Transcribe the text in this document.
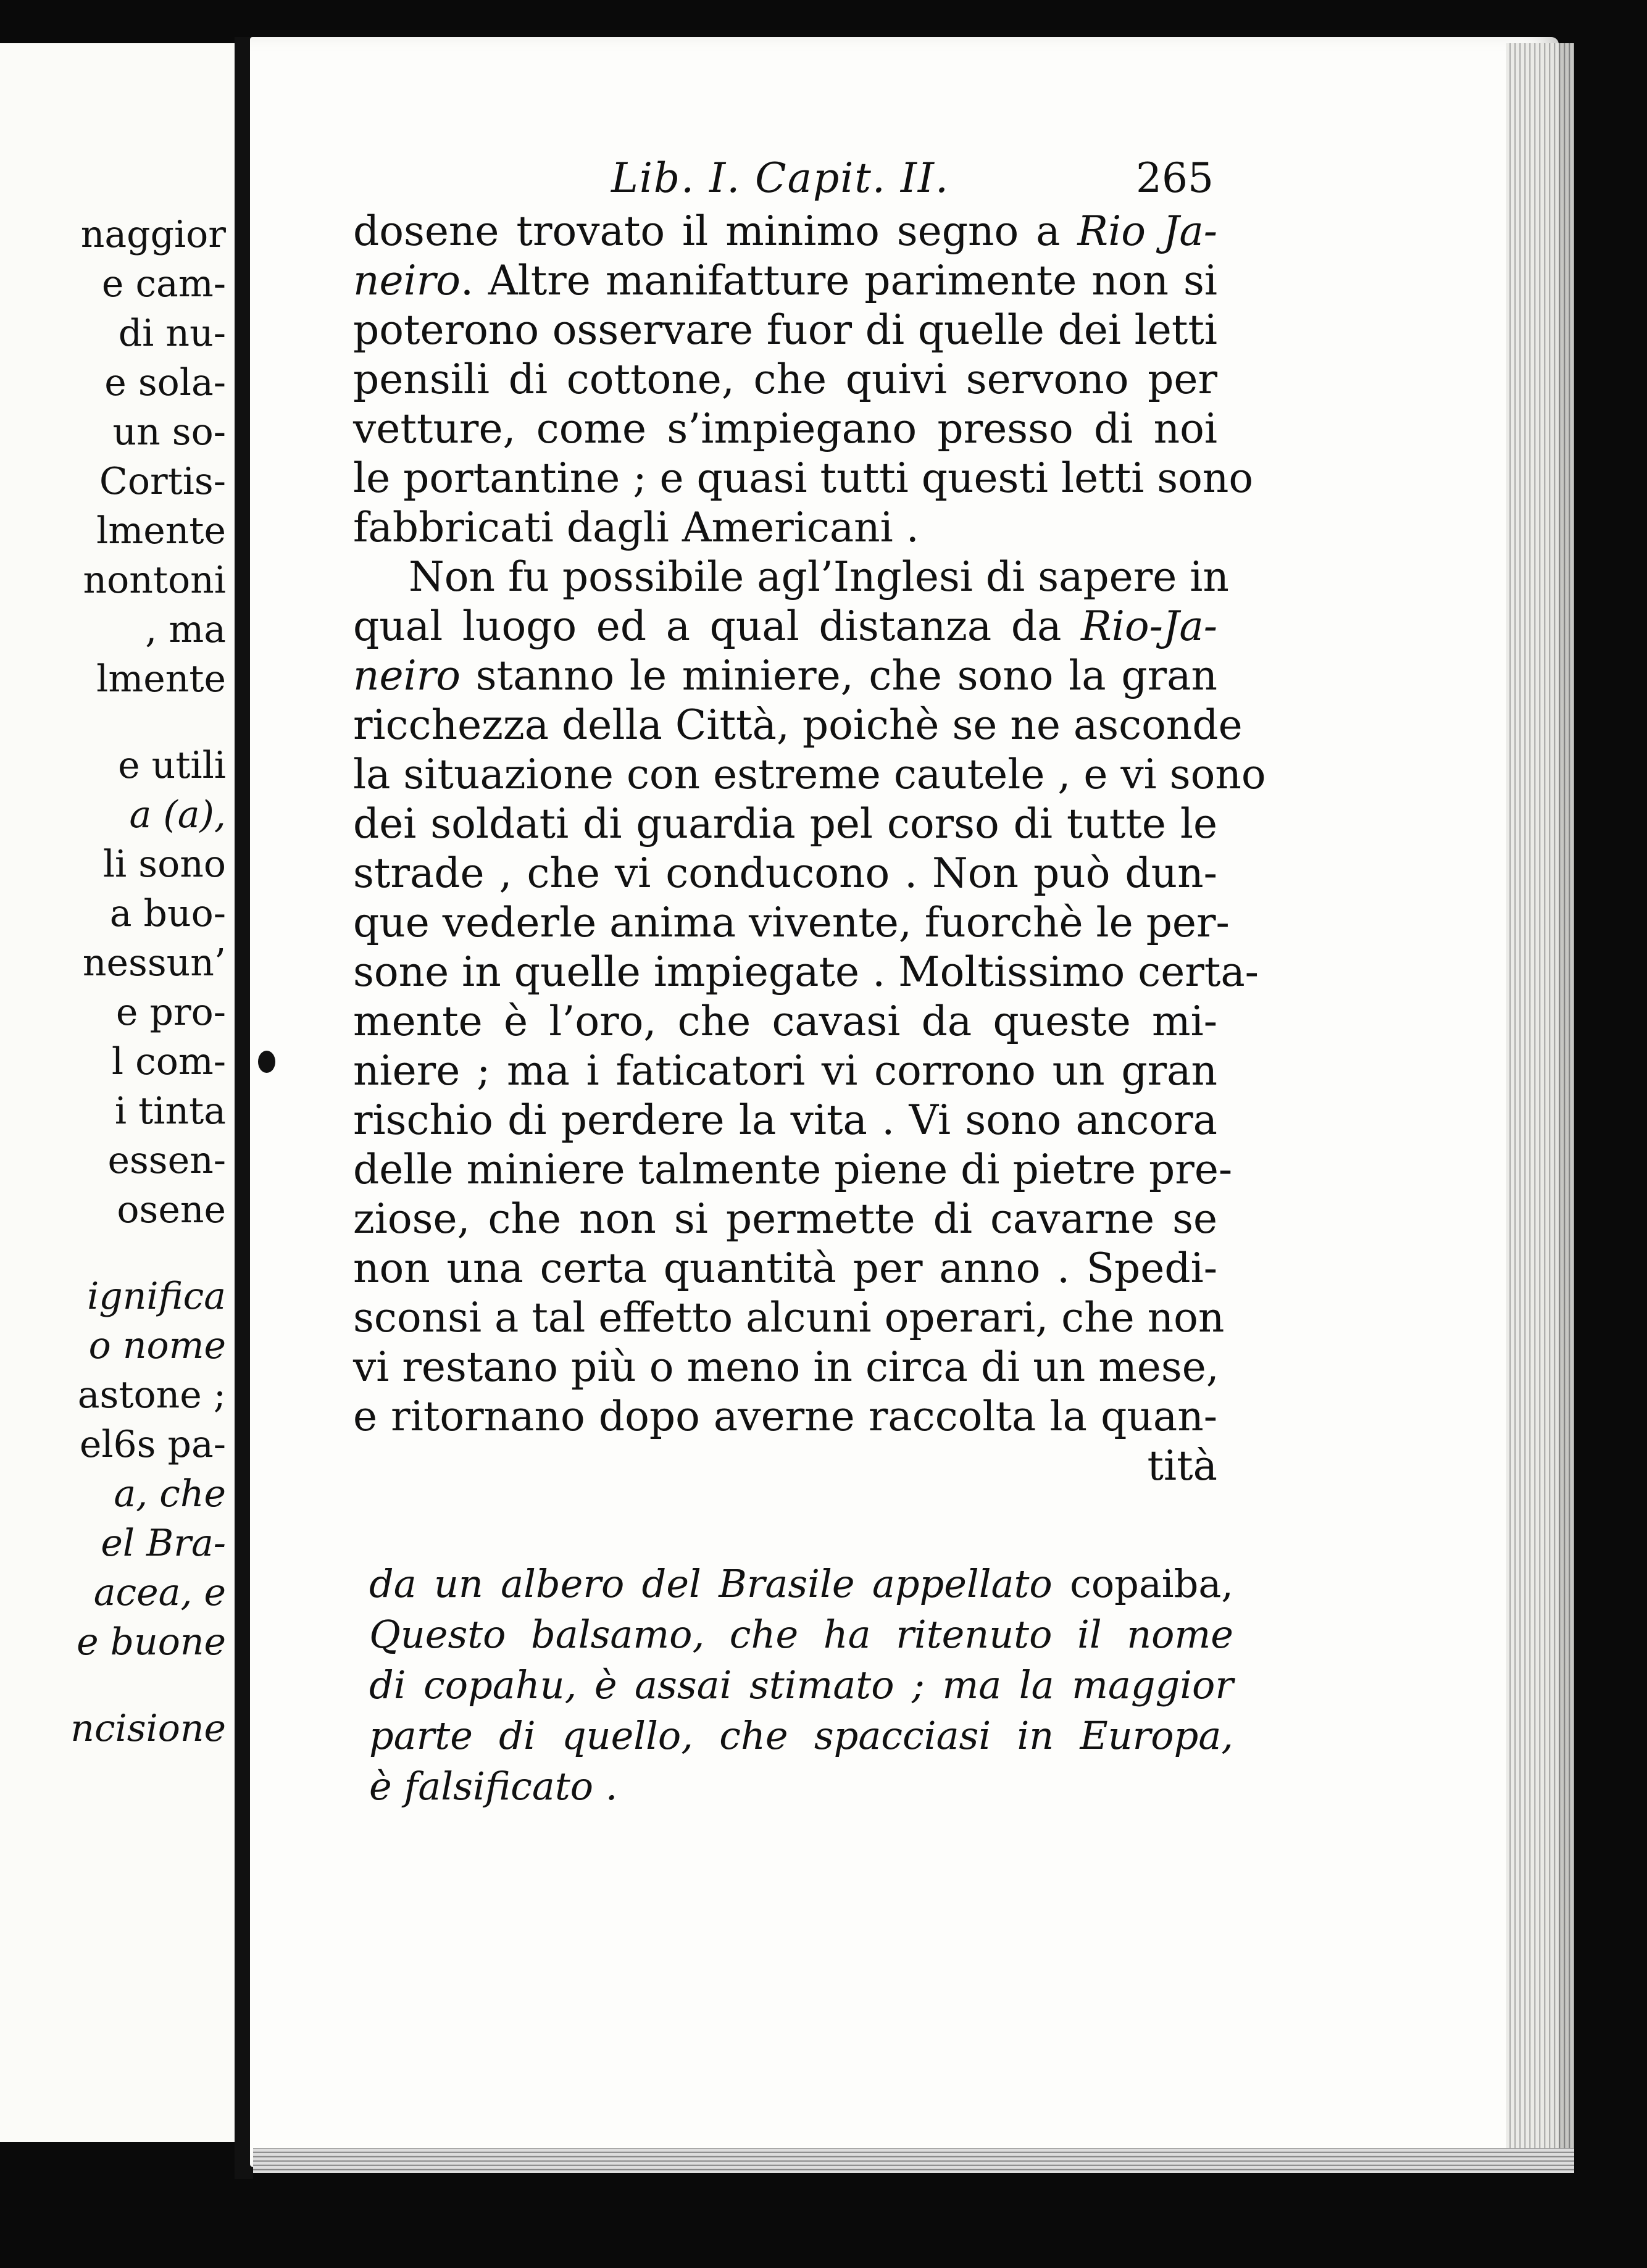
naggior
e cam-
di nu-
e sola-
un so-
Cortis-
lmente
nontoni
, ma
lmente
e utili
a (a),
li sono
a buo-
nessun’
e pro-
l com-
i tinta
essen-
osene
ignifica
o nome
astone ;
el6s pa-
a, che
el Bra-
acea, e
e buone
ncisione
Lib. I. Capit. II.	265
dosene trovato il minimo segno a Rio Ja-
neiro. Altre manifatture parimente non si
poterono osservare fuor di quelle dei letti
pensili di cottone, che quivi servono per
vetture, come s’impiegano presso di noi
le portantine ; e quasi tutti questi letti sono
fabbricati dagli Americani .
Non fu possibile agl’Inglesi di sapere in
qual luogo ed a qual distanza da Rio-Ja-
neiro stanno le miniere, che sono la gran
ricchezza della Città, poichè se ne asconde
la situazione con estreme cautele , e vi sono
dei soldati di guardia pel corso di tutte le
strade , che vi conducono . Non può dun-
que vederle anima vivente, fuorchè le per-
sone in quelle impiegate . Moltissimo certa-
mente è l’oro, che cavasi da queste mi-
niere ; ma i faticatori vi corrono un gran
rischio di perdere la vita . Vi sono ancora
delle miniere talmente piene di pietre pre-
ziose, che non si permette di cavarne se
non una certa quantità per anno . Spedi-
sconsi a tal effetto alcuni operari, che non
vi restano più o meno in circa di un mese,
e ritornano dopo averne raccolta la quan-
tità
da un albero del Brasile appellato copaiba,
Questo balsamo, che ha ritenuto il nome
di copahu, è assai stimato ; ma la maggior
parte di quello, che spacciasi in Europa,
è falsificato .
